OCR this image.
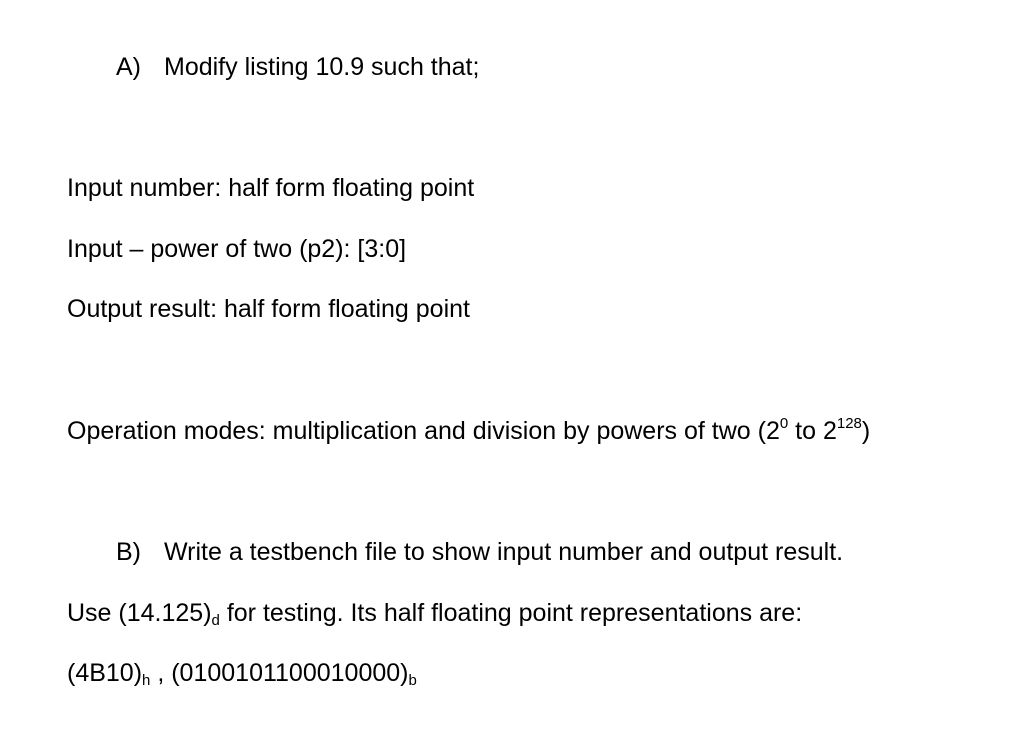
A) Modify listing 10.9 such that;
Input number: half form floating point
Input – power of two (p2): [3:0]
Output result: half form floating point
Operation modes: multiplication and division by powers of two ($2^0$ to $2^{128}$)
B) Write a testbench file to show input number and output result.
Use $(14.125)_d$ for testing. Its half floating point representations are:
$(4B10)_h$ , $(0100101100010000)_b$
